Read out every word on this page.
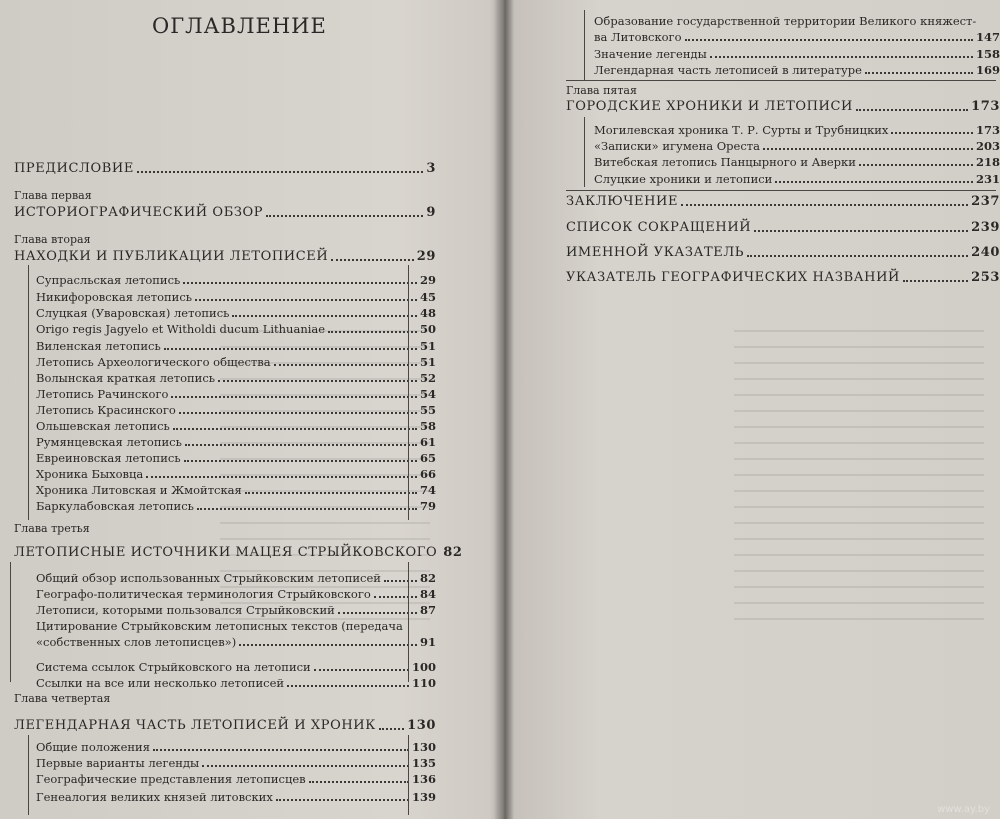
ОГЛАВЛЕНИЕ
ПРЕДИСЛОВИЕ	3
Глава первая
ИСТОРИОГРАФИЧЕСКИЙ ОБЗОР	9
Глава вторая
НАХОДКИ И ПУБЛИКАЦИИ ЛЕТОПИСЕЙ	29
Супрасльская летопись	29
Никифоровская летопись	45
Слуцкая (Уваровская) летопись	48
Origo regis Jagyelo et Witholdi ducum Lithuaniae	50
Виленская летопись	51
Летопись Археологического общества	51
Волынская краткая летопись	52
Летопись Рачинского	54
Летопись Красинского	55
Ольшевская летопись	58
Румянцевская летопись	61
Евреиновская летопись	65
Хроника Быховца	66
Хроника Литовская и Жмойтская	74
Баркулабовская летопись	79
Глава третья
ЛЕТОПИСНЫЕ ИСТОЧНИКИ МАЦЕЯ СТРЫЙКОВСКОГО 82
Общий обзор использованных Стрыйковским летописей	82
Географо-политическая терминология Стрыйковского	84
Летописи, которыми пользовался Стрыйковский	87
Цитирование Стрыйковским летописных текстов (передача
«собственных слов летописцев»)	91
Система ссылок Стрыйковского на летописи	100
Ссылки на все или несколько летописей	110
Глава четвертая
ЛЕГЕНДАРНАЯ ЧАСТЬ ЛЕТОПИСЕЙ И ХРОНИК 130
Общие положения	130
Первые варианты легенды	135
Географические представления летописцев	136
Генеалогия великих князей литовских	139
Образование государственной территории Великого княжест-
ва Литовского	147
Значение легенды	158
Легендарная часть летописей в литературе	169
Глава пятая
ГОРОДСКИЕ ХРОНИКИ И ЛЕТОПИСИ	173
Могилевская хроника Т. Р. Сурты и Трубницких	173
«Записки» игумена Ореста	203
Витебская летопись Панцырного и Аверки	218
Слуцкие хроники и летописи	231
ЗАКЛЮЧЕНИЕ	237
СПИСОК СОКРАЩЕНИЙ	239
ИМЕННОЙ УКАЗАТЕЛЬ	240
УКАЗАТЕЛЬ ГЕОГРАФИЧЕСКИХ НАЗВАНИЙ	253
www.ay.by
